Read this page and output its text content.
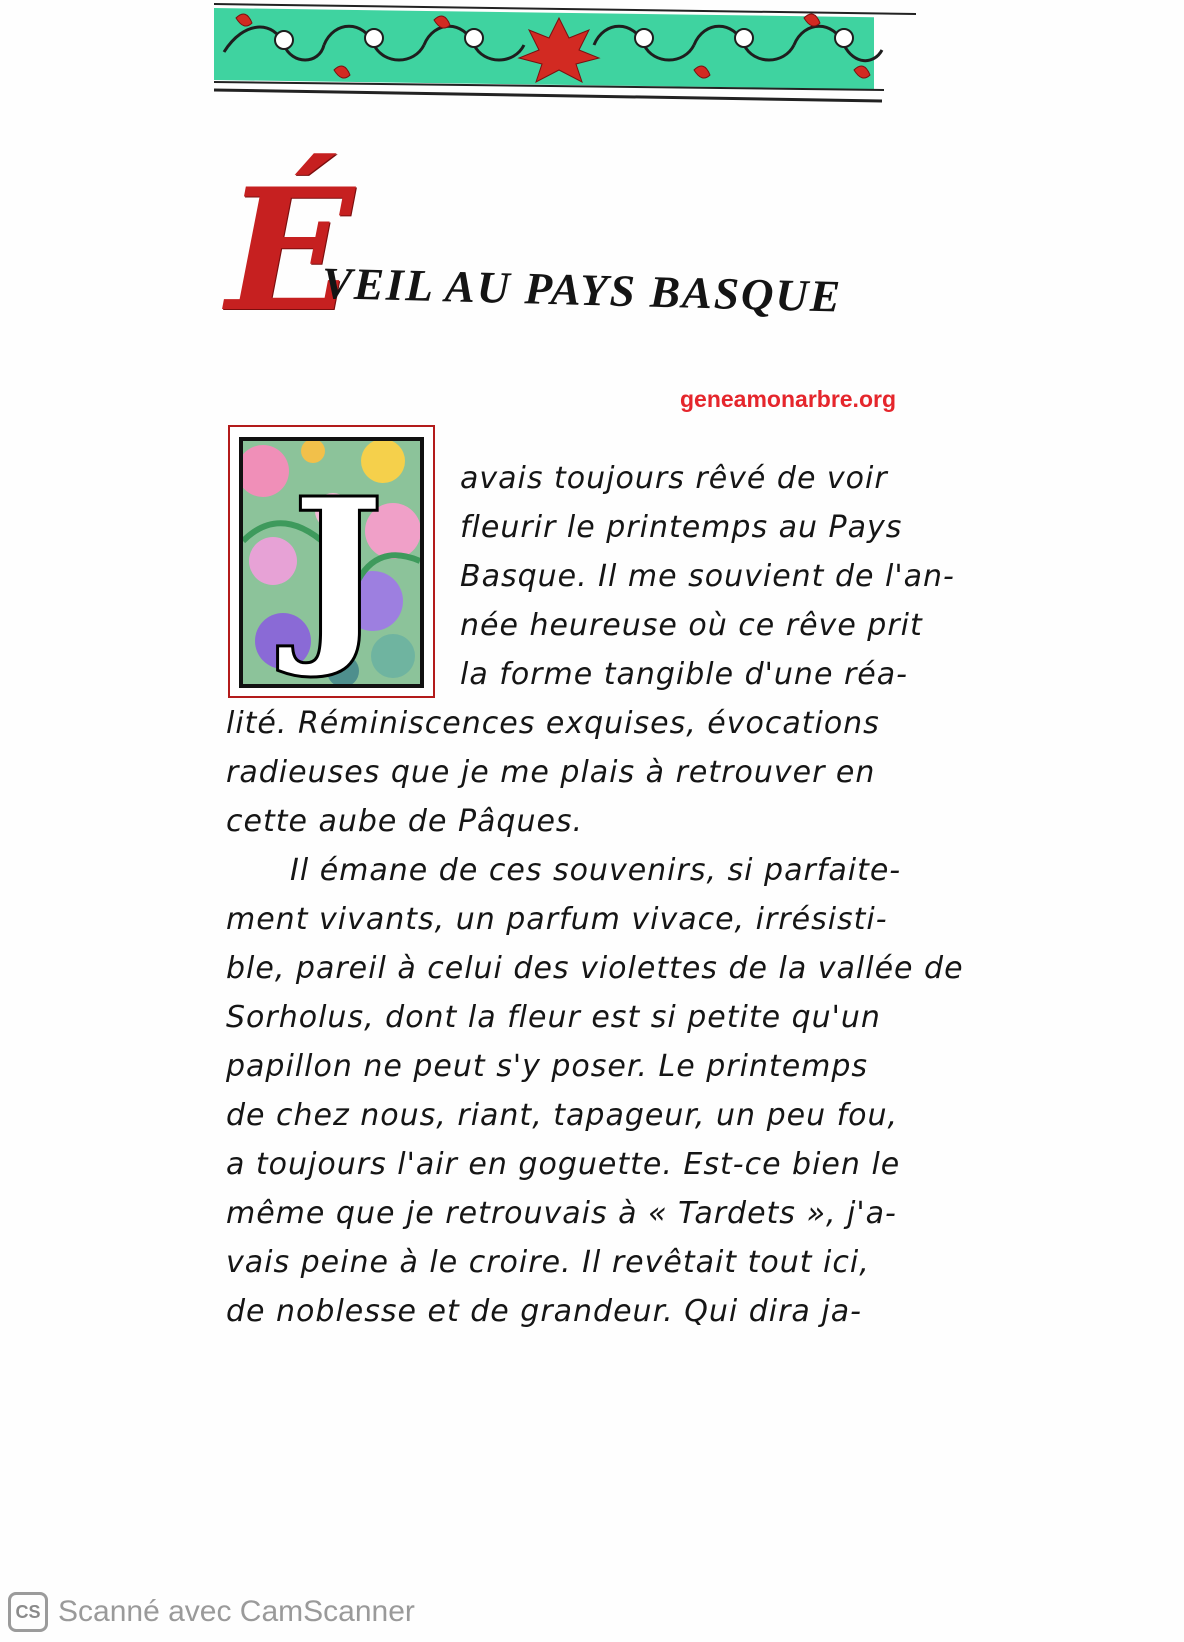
É
VEIL AU PAYS BASQUE
geneamonarbre.org
J	avais toujours rêvé de voir
fleurir le printemps au Pays
Basque. Il me souvient de l'an-
née heureuse où ce rêve prit
la forme tangible d'une réa-
lité. Réminiscences exquises, évocations
radieuses que je me plais à retrouver en
cette aube de Pâques.
Il émane de ces souvenirs, si parfaite-
ment vivants, un parfum vivace, irrésisti-
ble, pareil à celui des violettes de la vallée de
Sorholus, dont la fleur est si petite qu'un
papillon ne peut s'y poser. Le printemps
de chez nous, riant, tapageur, un peu fou,
a toujours l'air en goguette. Est-ce bien le
même que je retrouvais à « Tardets », j'a-
vais peine à le croire. Il revêtait tout ici,
de noblesse et de grandeur. Qui dira ja-
CS Scanné avec CamScanner
